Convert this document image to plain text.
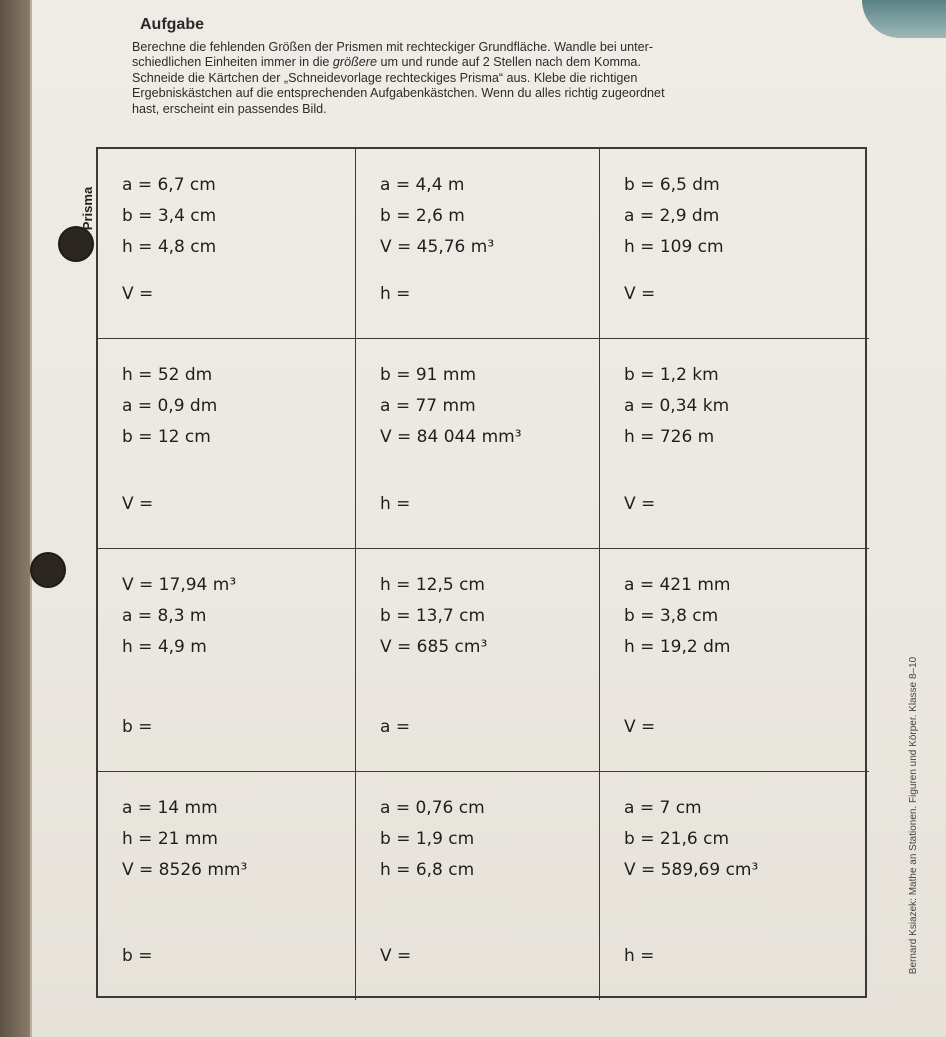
Aufgabe

Berechne die fehlenden Größen der Prismen mit rechteckiger Grundfläche. Wandle bei unter-

schiedlichen Einheiten immer in die größere um und runde auf 2 Stellen nach dem Komma.

Schneide die Kärtchen der „Schneidevorlage rechteckiges Prisma“ aus. Klebe die richtigen

Ergebniskästchen auf die entsprechenden Aufgabenkästchen. Wenn du alles richtig zugeordnet

hast, erscheint ein passendes Bild.

Prisma
a = 6,7 cm
b = 3,4 cm
h = 4,8 cm
V =
a = 4,4 m
b = 2,6 m
V = 45,76 m³
h =
b = 6,5 dm
a = 2,9 dm
h = 109 cm
V =
h = 52 dm
a = 0,9 dm
b = 12 cm
V =
b = 91 mm
a = 77 mm
V = 84 044 mm³
h =
b = 1,2 km
a = 0,34 km
h = 726 m
V =
V = 17,94 m³
a = 8,3 m
h = 4,9 m
b =
h = 12,5 cm
b = 13,7 cm
V = 685 cm³
a =
a = 421 mm
b = 3,8 cm
h = 19,2 dm
V =
a = 14 mm
h = 21 mm
V = 8526 mm³
b =
a = 0,76 cm
b = 1,9 cm
h = 6,8 cm
V =
a = 7 cm
b = 21,6 cm
V = 589,69 cm³
h =	Bernard Ksiazek: Mathe an Stationen. Figuren und Körper. Klasse 8–10
